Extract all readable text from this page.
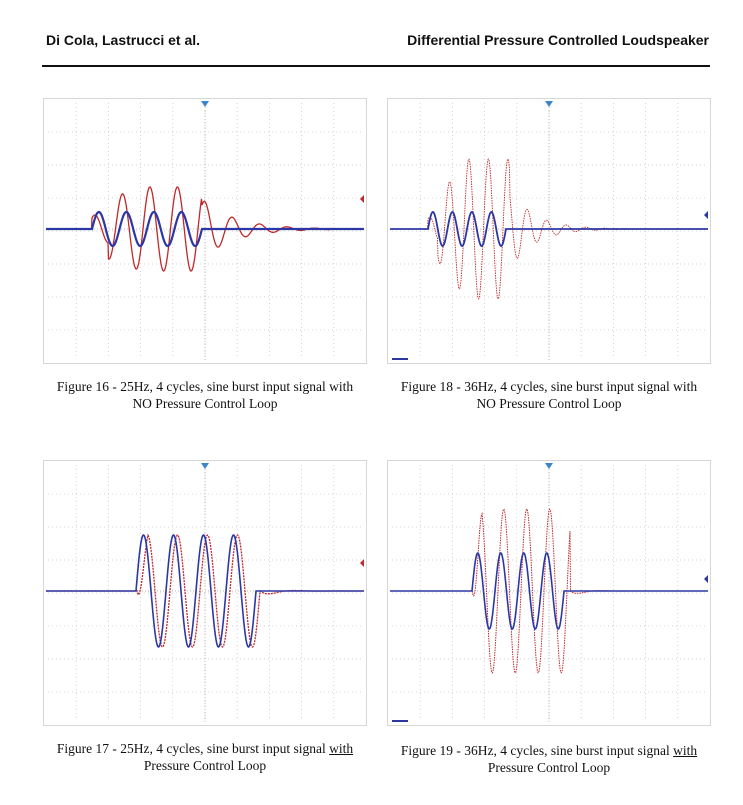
Di Cola, Lastrucci et al.	Differential Pressure Controlled Loudspeaker
Figure 16 - 25Hz, 4 cycles, sine burst input signal with
NO Pressure Control Loop
Figure 18 - 36Hz, 4 cycles, sine burst input signal with
NO Pressure Control Loop
Figure 17 - 25Hz, 4 cycles, sine burst input signal with
Pressure Control Loop
Figure 19 - 36Hz, 4 cycles, sine burst input signal with
Pressure Control Loop
